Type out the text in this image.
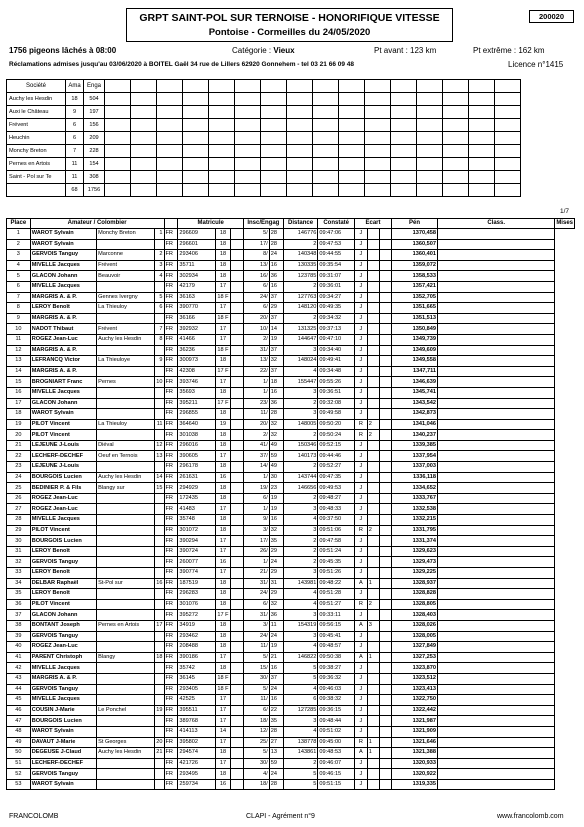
GRPT SAINT-POL SUR TERNOISE - HONORIFIQUE VITESSE
Pontoise - Cormeilles du 24/05/2020
200020
1756 pigeons lâchés à 08:00	Catégorie : Vieux	Pt avant : 123 km	Pt extrême : 162 km
Réclamations admises jusqu'au 03/06/2020 à BOITEL Gaël 34 rue de Lillers 62920 Gonnehem - tel 03 21 66 09 48	Licence n°1415
Société	Ama	Enga																
Auchy les Hesdin	18	504																
Auxi le Château	9	197																
Frévent	6	156																
Heuchin	6	209																
Monchy Breton	7	228																
Pernes en Artois	11	154																
Saint - Pol sur Te	11	308																
	68	1756																
1/7
Place	Amateur / Colombier				Matricule			Insc/Engag		Distance	Constaté	Ecart			Pén	Class.	Mises
1	WAROT Sylvain	Monchy Breton	1	FR	296609	18		5/	28	146776	09:47:06	J			1370,458		
2	WAROT Sylvain			FR	296601	18		17/	28	2	09:47:53	J			1360,507		
3	GERVOIS Tanguy	Marconne	2	FR	293406	18		8/	24	140348	09:44:55	J			1360,401		
4	MIVELLE Jacques	Frévent	3	FR	35711	18		13/	16	130335	09:35:54	J			1359,072		
5	GLACON Johann	Beauvoir	4	FR	302934	18		16/	36	123785	09:31:07	J			1358,533		
6	MIVELLE Jacques			FR	42179	17		6/	16	2	09:36:01	J			1357,421		
7	MARGRIS A. & P.	Gennes Ivergny	5	FR	36163	18 F		24/	37	127763	09:34:27	J			1352,705		
8	LEROY Benoît	La Thieuloy	6	FR	390770	17		6/	29	148120	09:49:35	J			1351,665		
9	MARGRIS A. & P.			FR	36166	18 F		20/	37	2	09:34:32	J			1351,513		
10	NADOT Thibaut	Frévent	7	FR	392932	17		10/	14	131325	09:37:13	J			1350,849		
11	ROGEZ Jean-Luc	Auchy les Hesdin	8	FR	41466	17		2/	19	144647	09:47:10	J			1349,739		
12	MARGRIS A. & P.			FR	36236	18 F		31/	37	3	09:34:40	J			1349,609		
13	LEFRANCQ Victor	La Thieuloye	9	FR	300973	18		13/	32	148024	09:49:41	J			1349,558		
14	MARGRIS A. & P.			FR	42308	17 F		22/	37	4	09:34:48	J			1347,711		
15	BROGNIART Franc	Pernes	10	FR	393746	17		1/	18	155447	09:55:26	J			1346,639		
16	MIVELLE Jacques			FR	35693	18		1/	16	3	09:36:51	J			1345,741		
17	GLACON Johann			FR	395211	17 F		23/	36	2	09:32:08	J			1343,542		
18	WAROT Sylvain			FR	296855	18		11/	28	3	09:49:58	J			1342,873		
19	PILOT Vincent	La Thieuloy	11	FR	364640	19		20/	32	148005	09:50:20	R	2		1341,046		
20	PILOT Vincent			FR	301038	18		2/	32	2	09:50:24	R	2		1340,237		
21	LEJEUNE J-Louis	Diéval	12	FR	296016	18		41/	49	150346	09:52:15	J			1339,385		
22	LECHERF-DECHEF	Oeuf en Ternois	13	FR	390605	17		37/	59	140173	09:44:46	J			1337,954		
23	LEJEUNE J-Louis			FR	296178	18		14/	49	2	09:52:27	J			1337,003		
24	BOURGOIS Lucien	Auchy les Hesdin	14	FR	261631	16		1/	30	143744	09:47:35	J			1336,118		
25	BEDINIER P. & Fils	Blangy sur	15	FR	294929	18		19/	23	146656	09:49:53	J			1334,652		
26	ROGEZ Jean-Luc			FR	172435	18		6/	19	2	09:48:27	J			1333,767		
27	ROGEZ Jean-Luc			FR	41483	17		1/	19	3	09:48:33	J			1332,538		
28	MIVELLE Jacques			FR	35748	18		9/	16	4	09:37:50	J			1332,215		
29	PILOT Vincent			FR	301072	18		3/	32	3	09:51:06	R	2		1331,795		
30	BOURGOIS Lucien			FR	390294	17		17/	35	2	09:47:58	J			1331,374		
31	LEROY Benoît			FR	390724	17		26/	29	2	09:51:24	J			1329,623		
32	GERVOIS Tanguy			FR	260077	16		1/	24	2	09:45:35	J			1329,473		
33	LEROY Benoît			FR	390774	17		21/	29	3	09:51:26	J			1329,225		
34	DELBAR Raphaël	St-Pol sur	16	FR	187519	18		31/	31	143981	09:48:22	A	1		1328,937		
35	LEROY Benoît			FR	296283	18		24/	29	4	09:51:28	J			1328,828		
36	PILOT Vincent			FR	301076	18		6/	32	4	09:51:27	R	2		1328,805		
37	GLACON Johann			FR	395272	17 F		31/	36	3	09:33:11	J			1328,403		
38	BONTANT Joseph	Pernes en Artois	17	FR	34919	18		3/	11	154319	09:56:15	A	3		1328,026		
39	GERVOIS Tanguy			FR	293462	18		24/	24	3	09:45:41	J			1328,005		
40	ROGEZ Jean-Luc			FR	208488	18		11/	19	4	09:48:57	J			1327,849		
41	PARENT Christoph	Blangy	18	FR	390186	17		5/	21	146822	09:50:38	A	1		1327,253		
42	MIVELLE Jacques			FR	35742	18		15/	16	5	09:38:27	J			1323,870		
43	MARGRIS A. & P.			FR	36145	18 F		30/	37	5	09:36:32	J			1323,512		
44	GERVOIS Tanguy			FR	293405	18 F		5/	24	4	09:46:03	J			1323,413		
45	MIVELLE Jacques			FR	42525	17		11/	16	6	09:38:32	J			1322,750		
46	COUSIN J-Marie	Le Ponchel	19	FR	395511	17		6/	22	127285	09:36:15	J			1322,442		
47	BOURGOIS Lucien			FR	389768	17		18/	35	3	09:48:44	J			1321,987		
48	WAROT Sylvain			FR	414113	14		12/	28	4	09:51:02	J			1321,909		
49	DAVAUT J-Marie	St Georges	20	FR	395802	17		25/	27	138778	09:45:00	R	1		1321,646		
50	DEGEUSE J-Claud	Auchy les Hesdin	21	FR	294574	18		5/	13	143861	09:48:53	A	1		1321,388		
51	LECHERF-DECHEF			FR	421726	17		30/	59	2	09:46:07	J			1320,933		
52	GERVOIS Tanguy			FR	293495	18		4/	24	5	09:46:15	J			1320,922		
53	WAROT Sylvain			FR	259734	16		18/	28	5	09:51:15	J			1319,335		
FRANCOLOMB	CLAPI - Agrément n°9	www.francolomb.com
